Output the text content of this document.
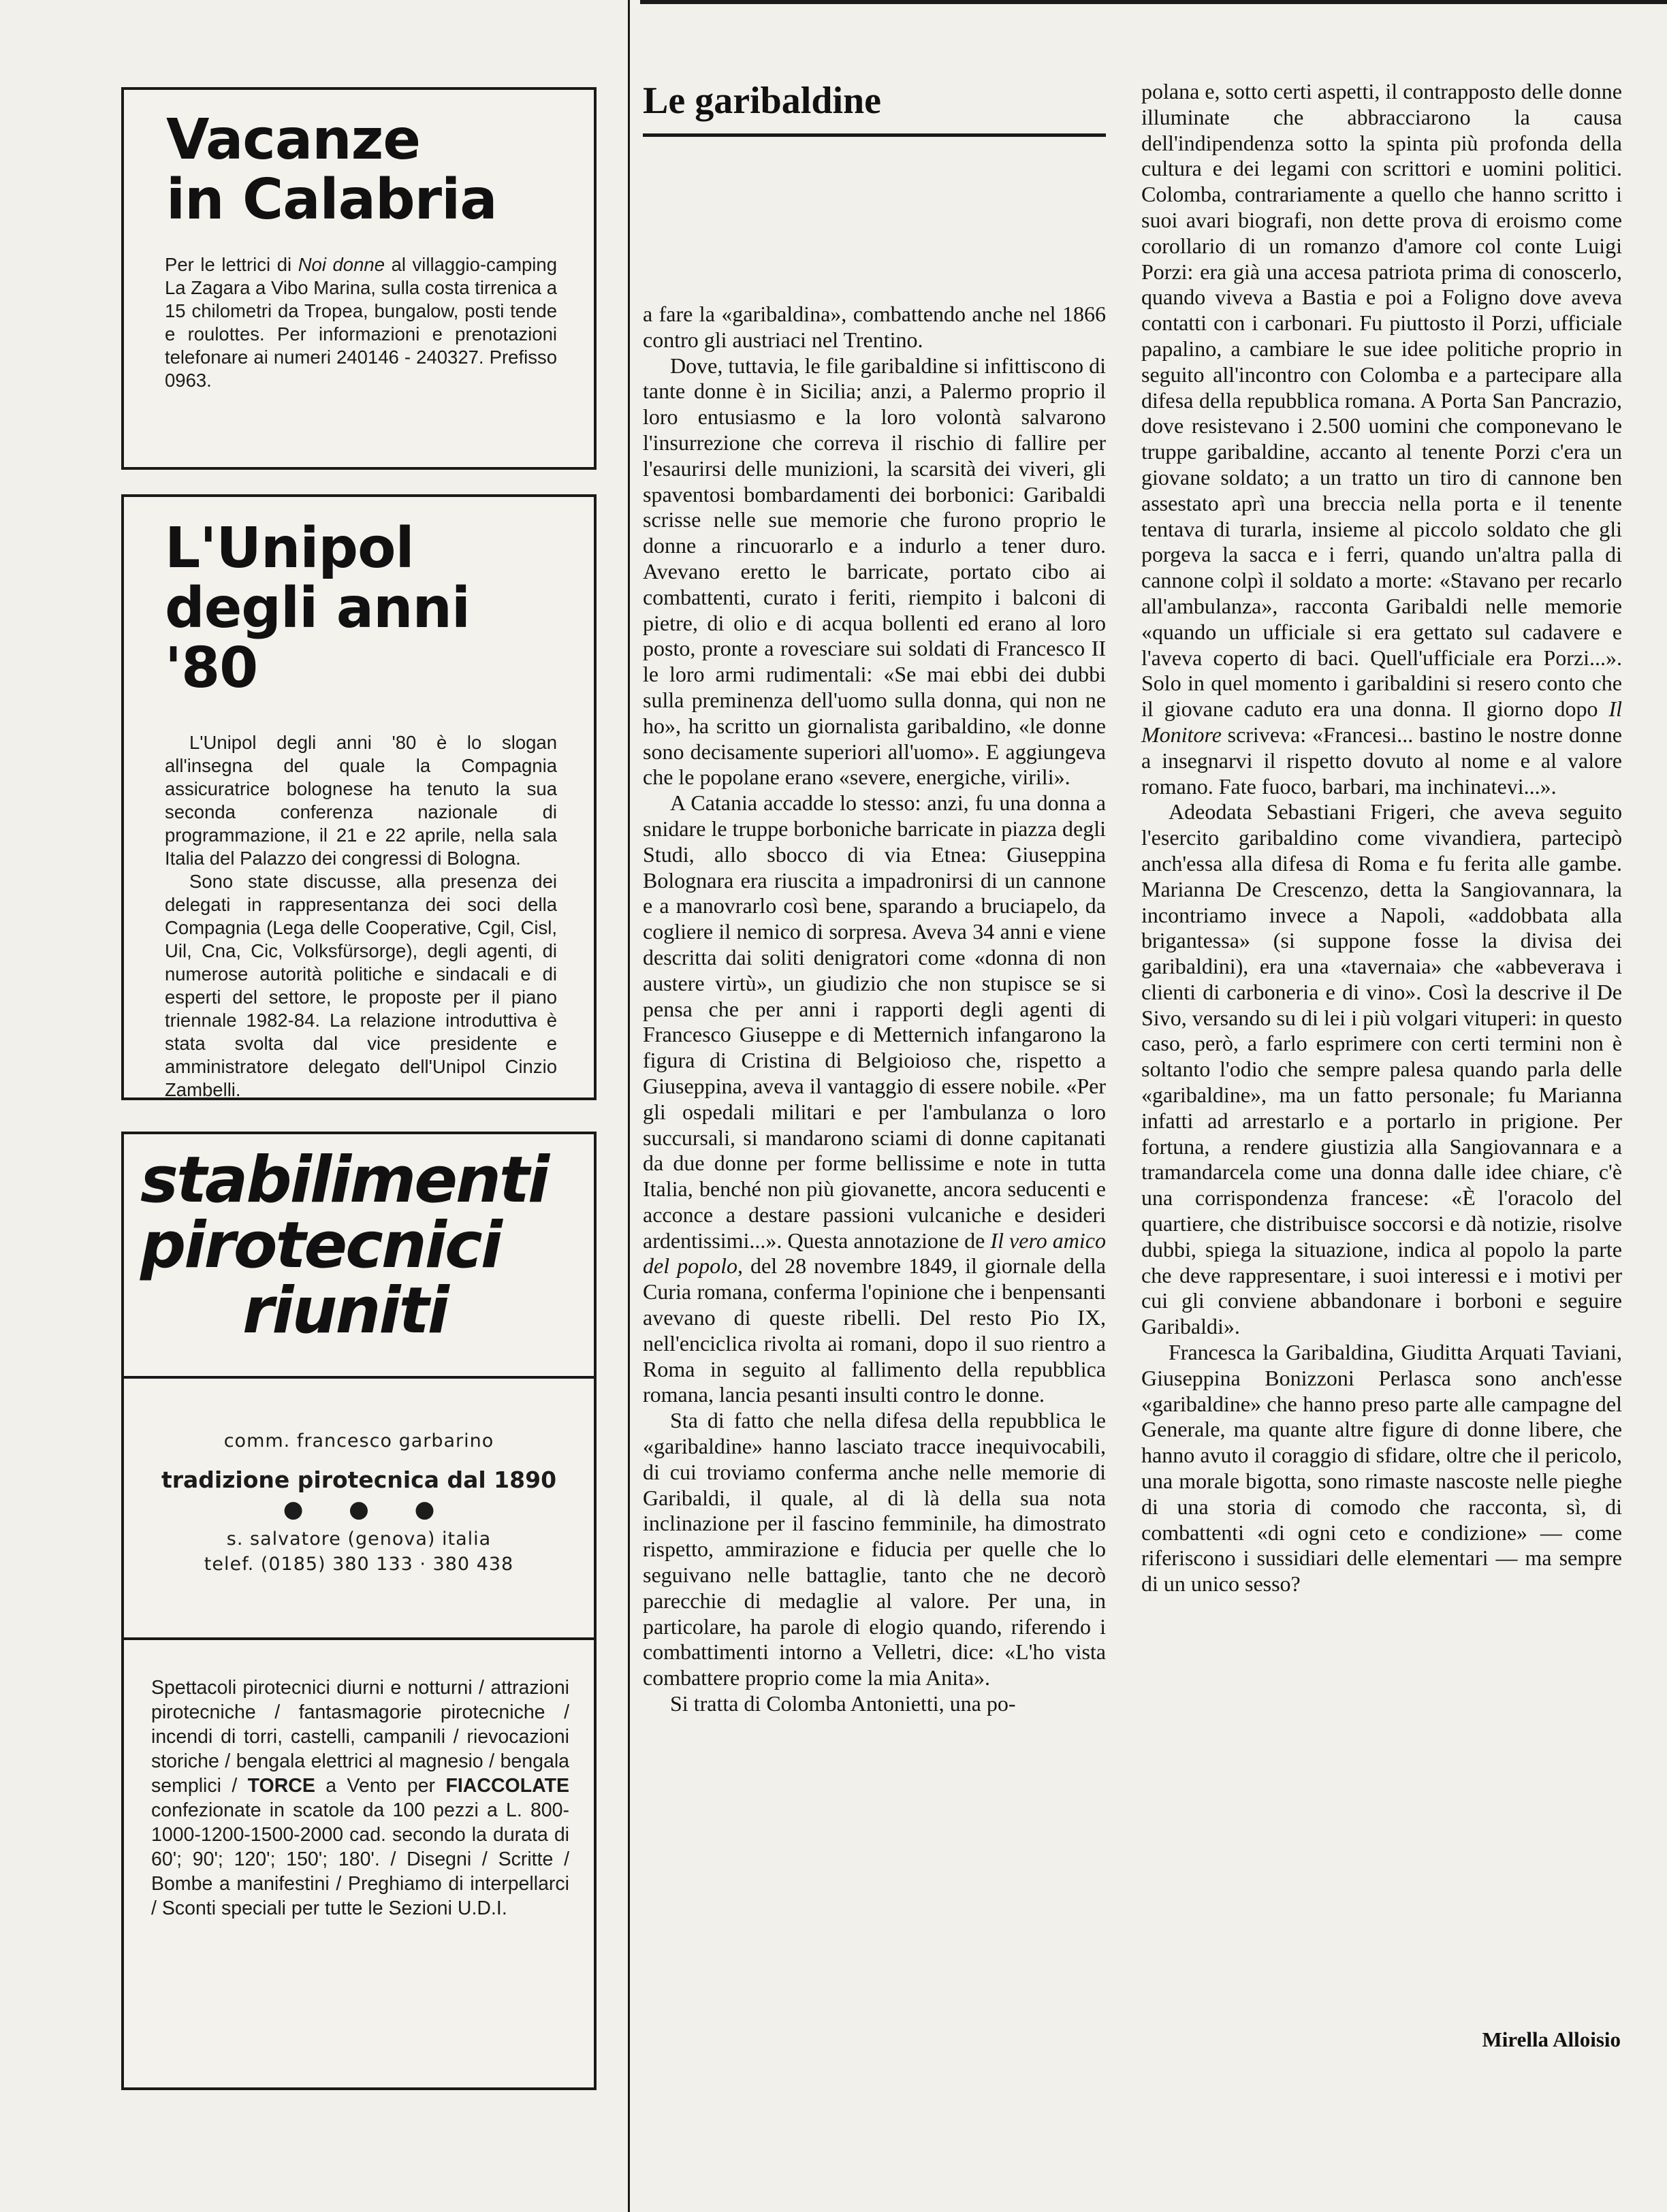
Vacanze
in Calabria

Per le lettrici di Noi donne al villaggio-camping La Zagara a Vibo Marina, sulla costa tirrenica a 15 chilometri da Tropea, bungalow, posti tende e roulottes. Per informazioni e prenotazioni telefonare ai numeri 240146 - 240327. Prefisso 0963.

L'Unipol
degli anni '80

L'Unipol degli anni '80 è lo slogan all'insegna del quale la Compagnia assicuratrice bolognese ha tenuto la sua seconda conferenza nazionale di programmazione, il 21 e 22 aprile, nella sala Italia del Palazzo dei congressi di Bologna.

Sono state discusse, alla presenza dei delegati in rappresentanza dei soci della Compagnia (Lega delle Cooperative, Cgil, Cisl, Uil, Cna, Cic, Volksfürsorge), degli agenti, di numerose autorità politiche e sindacali e di esperti del settore, le proposte per il piano triennale 1982-84. La relazione introduttiva è stata svolta dal vice presidente e amministratore delegato dell'Unipol Cinzio Zambelli.

stabilimenti
pirotecnici

riuniti
comm. francesco garbarino
tradizione pirotecnica dal 1890
● ● ●
s. salvatore (genova) italia
telef. (0185) 380 133 · 380 438
Spettacoli pirotecnici diurni e notturni / attrazioni pirotecniche / fantasmagorie pirotecniche / incendi di torri, castelli, campanili / rievocazioni storiche / bengala elettrici al magnesio / bengala semplici / TORCE a Vento per FIACCOLATE confezionate in scatole da 100 pezzi a L. 800-1000-1200-1500-2000 cad. secondo la durata di 60'; 90'; 120'; 150'; 180'. / Disegni / Scritte / Bombe a manifestini / Preghiamo di interpellarci / Sconti speciali per tutte le Sezioni U.D.I.
Le garibaldine

a fare la «garibaldina», combattendo anche nel 1866 contro gli austriaci nel Trentino.

Dove, tuttavia, le file garibaldine si infittiscono di tante donne è in Sicilia; anzi, a Palermo proprio il loro entusiasmo e la loro volontà salvarono l'insurrezione che correva il rischio di fallire per l'esaurirsi delle munizioni, la scarsità dei viveri, gli spaventosi bombardamenti dei borbonici: Garibaldi scrisse nelle sue memorie che furono proprio le donne a rincuorarlo e a indurlo a tener duro. Avevano eretto le barricate, portato cibo ai combattenti, curato i feriti, riempito i balconi di pietre, di olio e di acqua bollenti ed erano al loro posto, pronte a rovesciare sui soldati di Francesco II le loro armi rudimentali: «Se mai ebbi dei dubbi sulla preminenza dell'uomo sulla donna, qui non ne ho», ha scritto un giornalista garibaldino, «le donne sono decisamente superiori all'uomo». E aggiungeva che le popolane erano «severe, energiche, virili».

A Catania accadde lo stesso: anzi, fu una donna a snidare le truppe borboniche barricate in piazza degli Studi, allo sbocco di via Etnea: Giuseppina Bolognara era riuscita a impadronirsi di un cannone e a manovrarlo così bene, sparando a bruciapelo, da cogliere il nemico di sorpresa. Aveva 34 anni e viene descritta dai soliti denigratori come «donna di non austere virtù», un giudizio che non stupisce se si pensa che per anni i rapporti degli agenti di Francesco Giuseppe e di Metternich infangarono la figura di Cristina di Belgioioso che, rispetto a Giuseppina, aveva il vantaggio di essere nobile. «Per gli ospedali militari e per l'ambulanza o loro succursali, si mandarono sciami di donne capitanati da due donne per forme bellissime e note in tutta Italia, benché non più giovanette, ancora seducenti e acconce a destare passioni vulcaniche e desideri ardentissimi...». Questa annotazione de Il vero amico del popolo, del 28 novembre 1849, il giornale della Curia romana, conferma l'opinione che i benpensanti avevano di queste ribelli. Del resto Pio IX, nell'enciclica rivolta ai romani, dopo il suo rientro a Roma in seguito al fallimento della repubblica romana, lancia pesanti insulti contro le donne.

Sta di fatto che nella difesa della repubblica le «garibaldine» hanno lasciato tracce inequivocabili, di cui troviamo conferma anche nelle memorie di Garibaldi, il quale, al di là della sua nota inclinazione per il fascino femminile, ha dimostrato rispetto, ammirazione e fiducia per quelle che lo seguivano nelle battaglie, tanto che ne decorò parecchie di medaglie al valore. Per una, in particolare, ha parole di elogio quando, riferendo i combattimenti intorno a Velletri, dice: «L'ho vista combattere proprio come la mia Anita».

Si tratta di Colomba Antonietti, una po-

polana e, sotto certi aspetti, il contrapposto delle donne illuminate che abbracciarono la causa dell'indipendenza sotto la spinta più profonda della cultura e dei legami con scrittori e uomini politici. Colomba, contrariamente a quello che hanno scritto i suoi avari biografi, non dette prova di eroismo come corollario di un romanzo d'amore col conte Luigi Porzi: era già una accesa patriota prima di conoscerlo, quando viveva a Bastia e poi a Foligno dove aveva contatti con i carbonari. Fu piuttosto il Porzi, ufficiale papalino, a cambiare le sue idee politiche proprio in seguito all'incontro con Colomba e a partecipare alla difesa della repubblica romana. A Porta San Pancrazio, dove resistevano i 2.500 uomini che componevano le truppe garibaldine, accanto al tenente Porzi c'era un giovane soldato; a un tratto un tiro di cannone ben assestato aprì una breccia nella porta e il tenente tentava di turarla, insieme al piccolo soldato che gli porgeva la sacca e i ferri, quando un'altra palla di cannone colpì il soldato a morte: «Stavano per recarlo all'ambulanza», racconta Garibaldi nelle memorie «quando un ufficiale si era gettato sul cadavere e l'aveva coperto di baci. Quell'ufficiale era Porzi...». Solo in quel momento i garibaldini si resero conto che il giovane caduto era una donna. Il giorno dopo Il Monitore scriveva: «Francesi... bastino le nostre donne a insegnarvi il rispetto dovuto al nome e al valore romano. Fate fuoco, barbari, ma inchinatevi...».

Adeodata Sebastiani Frigeri, che aveva seguito l'esercito garibaldino come vivandiera, partecipò anch'essa alla difesa di Roma e fu ferita alle gambe. Marianna De Crescenzo, detta la Sangiovannara, la incontriamo invece a Napoli, «addobbata alla brigantessa» (si suppone fosse la divisa dei garibaldini), era una «tavernaia» che «abbeverava i clienti di carboneria e di vino». Così la descrive il De Sivo, versando su di lei i più volgari vituperi: in questo caso, però, a farlo esprimere con certi termini non è soltanto l'odio che sempre palesa quando parla delle «garibaldine», ma un fatto personale; fu Marianna infatti ad arrestarlo e a portarlo in prigione. Per fortuna, a rendere giustizia alla Sangiovannara e a tramandarcela come una donna dalle idee chiare, c'è una corrispondenza francese: «È l'oracolo del quartiere, che distribuisce soccorsi e dà notizie, risolve dubbi, spiega la situazione, indica al popolo la parte che deve rappresentare, i suoi interessi e i motivi per cui gli conviene abbandonare i borboni e seguire Garibaldi».

Francesca la Garibaldina, Giuditta Arquati Taviani, Giuseppina Bonizzoni Perlasca sono anch'esse «garibaldine» che hanno preso parte alle campagne del Generale, ma quante altre figure di donne libere, che hanno avuto il coraggio di sfidare, oltre che il pericolo, una morale bigotta, sono rimaste nascoste nelle pieghe di una storia di comodo che racconta, sì, di combattenti «di ogni ceto e condizione» — come riferiscono i sussidiari delle elementari — ma sempre di un unico sesso?

Mirella Alloisio
